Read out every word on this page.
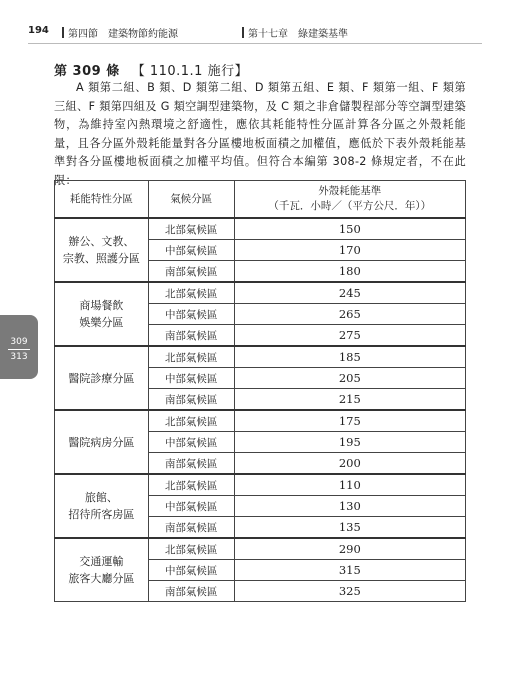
194	第四節　建築物節約能源	第十七章　綠建築基準
309
313
第 309 條 【 110.1.1 施行】
A 類第二組、B 類、D 類第二組、D 類第五組、E 類、F 類第一組、F 類第三組、F 類第四組及 G 類空調型建築物，及 C 類之非倉儲製程部分等空調型建築物，為維持室內熱環境之舒適性，應依其耗能特性分區計算各分區之外殼耗能量，且各分區外殼耗能量對各分區樓地板面積之加權值，應低於下表外殼耗能基準對各分區樓地板面積之加權平均值。但符合本編第 308-2 條規定者，不在此限：
耗能特性分區	氣候分區	外殼耗能基準
（千瓦．小時／（平方公尺．年））
辦公、文教、
宗教、照護分區	北部氣候區	150
	中部氣候區	170
	南部氣候區	180
商場餐飲
娛樂分區	北部氣候區	245
	中部氣候區	265
	南部氣候區	275
醫院診療分區	北部氣候區	185
	中部氣候區	205
	南部氣候區	215
醫院病房分區	北部氣候區	175
	中部氣候區	195
	南部氣候區	200
旅館、
招待所客房區	北部氣候區	110
	中部氣候區	130
	南部氣候區	135
交通運輸
旅客大廳分區	北部氣候區	290
	中部氣候區	315
	南部氣候區	325
